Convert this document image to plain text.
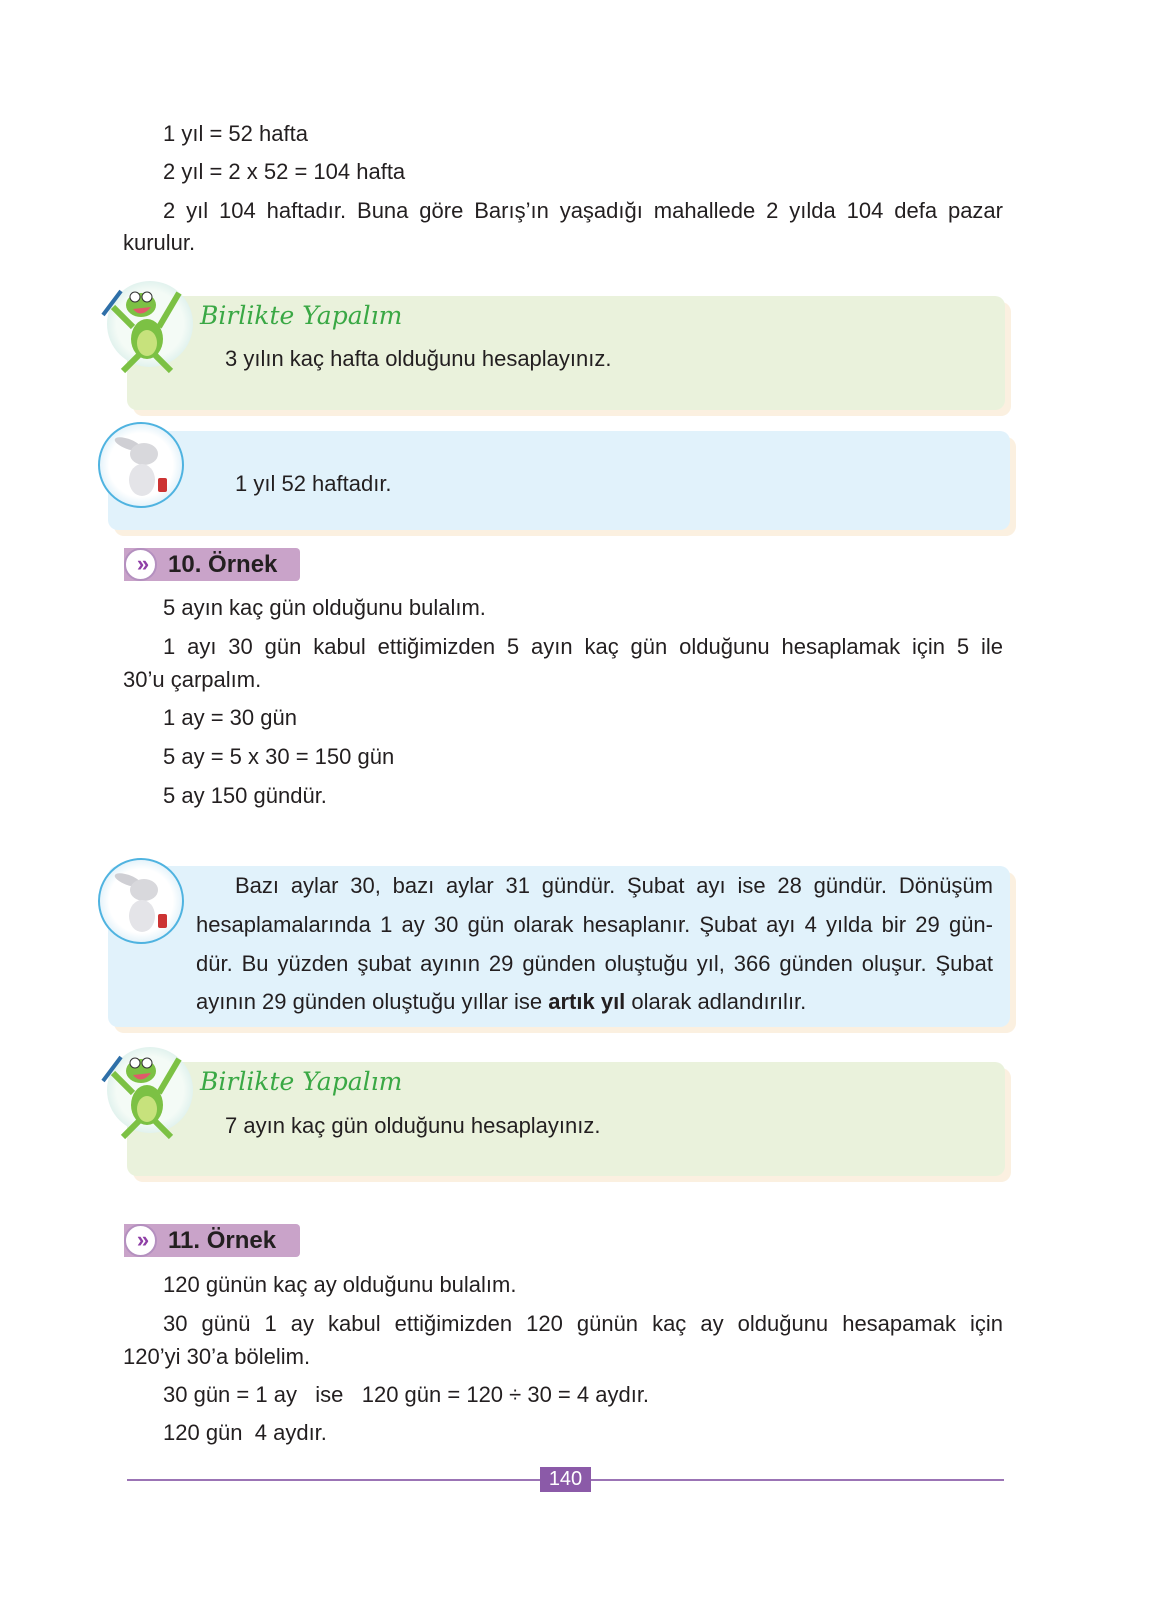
1 yıl = 52 hafta
2 yıl = 2 x 52 = 104 hafta
2 yıl 104 haftadır. Buna göre Barış’ın yaşadığı mahallede 2 yılda 104 defa pazar
kurulur.
Birlikte Yapalım
3 yılın kaç hafta olduğunu hesaplayınız.
1 yıl 52 haftadır.
» 10. Örnek
5 ayın kaç gün olduğunu bulalım.
1 ayı 30 gün kabul ettiğimizden 5 ayın kaç gün olduğunu hesaplamak için 5 ile
30’u çarpalım.
1 ay = 30 gün
5 ay = 5 x 30 = 150 gün
5 ay 150 gündür.
Bazı aylar 30, bazı aylar 31 gündür. Şubat ayı ise 28 gündür. Dönüşüm
hesaplamalarında 1 ay 30 gün olarak hesaplanır. Şubat ayı 4 yılda bir 29 gün-
dür. Bu yüzden şubat ayının 29 günden oluştuğu yıl, 366 günden oluşur. Şubat
ayının 29 günden oluştuğu yıllar ise artık yıl olarak adlandırılır.
Birlikte Yapalım
7 ayın kaç gün olduğunu hesaplayınız.
» 11. Örnek
120 günün kaç ay olduğunu bulalım.
30 günü 1 ay kabul ettiğimizden 120 günün kaç ay olduğunu hesapamak için
120’yi 30’a bölelim.
30 gün = 1 ay   ise   120 gün = 120 ÷ 30 = 4 aydır.
120 gün  4 aydır.
140
